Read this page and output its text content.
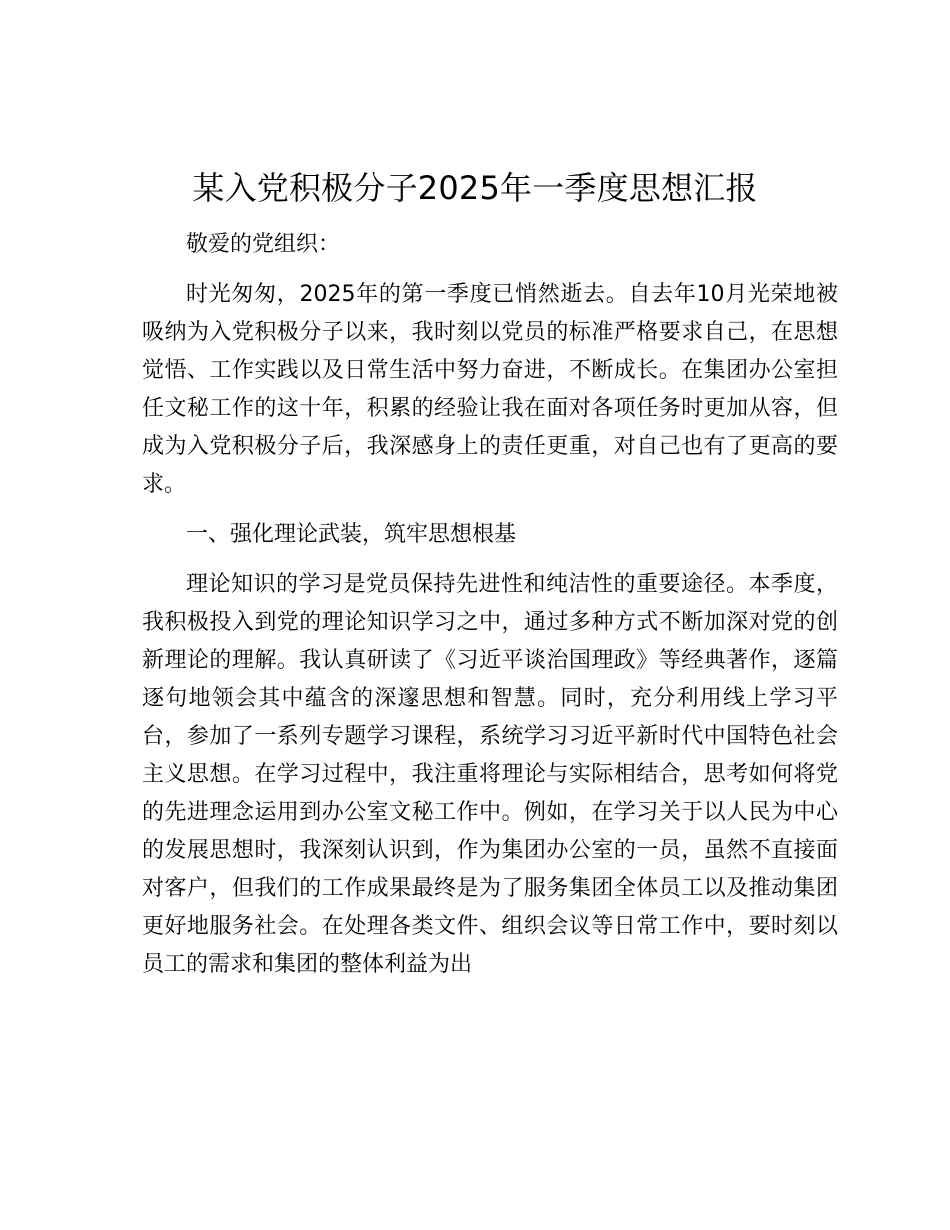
某入党积极分子2025年一季度思想汇报

敬爱的党组织：

时光匆匆，2025年的第一季度已悄然逝去。自去年10月光荣地被吸纳为入党积极分子以来，我时刻以党员的标准严格要求自己，在思想觉悟、工作实践以及日常生活中努力奋进，不断成长。在集团办公室担任文秘工作的这十年，积累的经验让我在面对各项任务时更加从容，但成为入党积极分子后，我深感身上的责任更重，对自己也有了更高的要求。

一、强化理论武装，筑牢思想根基

理论知识的学习是党员保持先进性和纯洁性的重要途径。本季度，我积极投入到党的理论知识学习之中，通过多种方式不断加深对党的创新理论的理解。我认真研读了《习近平谈治国理政》等经典著作，逐篇逐句地领会其中蕴含的深邃思想和智慧。同时，充分利用线上学习平台，参加了一系列专题学习课程，系统学习习近平新时代中国特色社会主义思想。在学习过程中，我注重将理论与实际相结合，思考如何将党的先进理念运用到办公室文秘工作中。例如，在学习关于以人民为中心的发展思想时，我深刻认识到，作为集团办公室的一员，虽然不直接面对客户，但我们的工作成果最终是为了服务集团全体员工以及推动集团更好地服务社会。在处理各类文件、组织会议等日常工作中，要时刻以员工的需求和集团的整体利益为出
